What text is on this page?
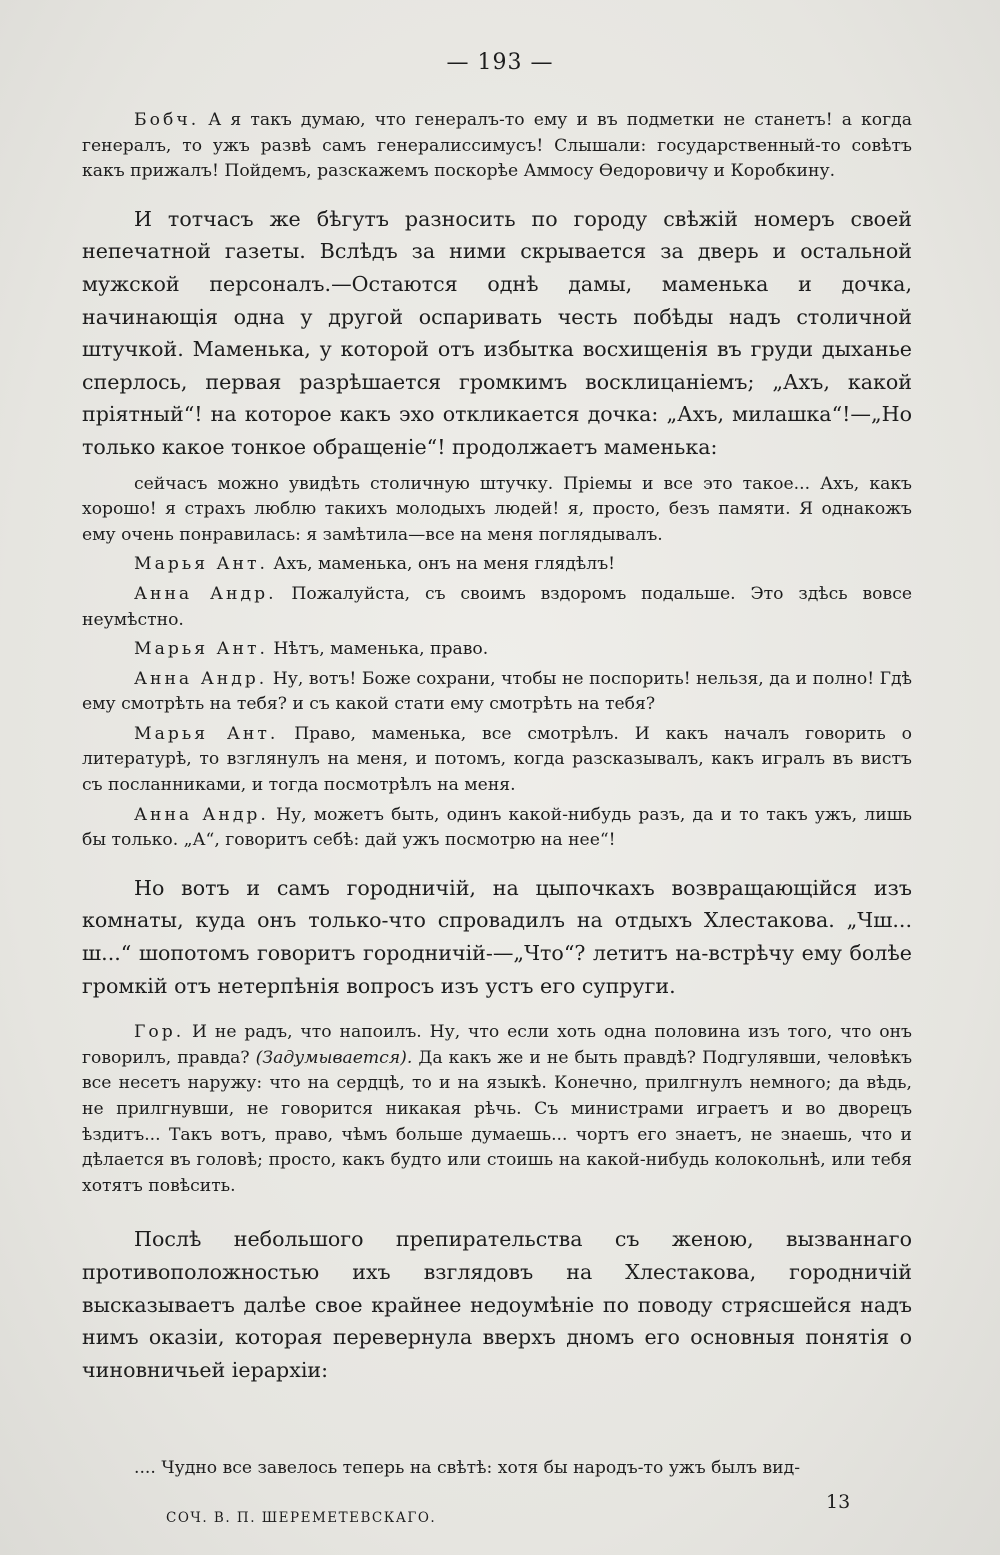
— 193 —

Бобч. А я такъ думаю, что генералъ-то ему и въ подметки не станетъ! а когда генералъ, то ужъ развѣ самъ генералиссимусъ! Слышали: государственный-то совѣтъ какъ прижалъ! Пойдемъ, разскажемъ поскорѣе Аммосу Ѳедоровичу и Коробкину.

И тотчасъ же бѣгутъ разносить по городу свѣжій номеръ своей непечатной газеты. Вслѣдъ за ними скрывается за дверь и остальной мужской персоналъ.—Остаются однѣ дамы, маменька и дочка, начинающія одна у другой оспаривать честь побѣды надъ столичной штучкой. Маменька, у которой отъ избытка восхищенія въ груди дыханье сперлось, первая разрѣшается громкимъ восклицаніемъ; „Ахъ, какой пріятный“! на которое какъ эхо откликается дочка: „Ахъ, милашка“!—„Но только какое тонкое обращеніе“! продолжаетъ маменька:

сейчасъ можно увидѣть столичную штучку. Пріемы и все это такое... Ахъ, какъ хорошо! я страхъ люблю такихъ молодыхъ людей! я, просто, безъ памяти. Я однакожъ ему очень понравилась: я замѣтила—все на меня поглядывалъ.

Марья Ант. Ахъ, маменька, онъ на меня глядѣлъ!

Анна Андр. Пожалуйста, съ своимъ вздоромъ подальше. Это здѣсь вовсе неумѣстно.

Марья Ант. Нѣтъ, маменька, право.

Анна Андр. Ну, вотъ! Боже сохрани, чтобы не поспорить! нельзя, да и полно! Гдѣ ему смотрѣть на тебя? и съ какой стати ему смотрѣть на тебя?

Марья Ант. Право, маменька, все смотрѣлъ. И какъ началъ говорить о литературѣ, то взглянулъ на меня, и потомъ, когда разсказывалъ, какъ игралъ въ вистъ съ посланниками, и тогда посмотрѣлъ на меня.

Анна Андр. Ну, можетъ быть, одинъ какой-нибудь разъ, да и то такъ ужъ, лишь бы только. „А“, говоритъ себѣ: дай ужъ посмотрю на нее“!

Но вотъ и самъ городничій, на цыпочкахъ возвращающійся изъ комнаты, куда онъ только-что спровадилъ на отдыхъ Хлестакова. „Чш... ш...“ шопотомъ говоритъ городничій-—„Что“? летитъ на-встрѣчу ему болѣе громкій отъ нетерпѣнія вопросъ изъ устъ его супруги.

Гор. И не радъ, что напоилъ. Ну, что если хоть одна половина изъ того, что онъ говорилъ, правда? (Задумывается). Да какъ же и не быть правдѣ? Подгулявши, человѣкъ все несетъ наружу: что на сердцѣ, то и на языкѣ. Конечно, прилгнулъ немного; да вѣдь, не прилгнувши, не говорится никакая рѣчь. Съ министрами играетъ и во дворецъ ѣздитъ... Такъ вотъ, право, чѣмъ больше думаешь... чортъ его знаетъ, не знаешь, что и дѣлается въ головѣ; просто, какъ будто или стоишь на какой-нибудь колокольнѣ, или тебя хотятъ повѣсить.

Послѣ небольшого препирательства съ женою, вызваннаго противоположностью ихъ взглядовъ на Хлестакова, городничій высказываетъ далѣе свое крайнее недоумѣніе по поводу стрясшейся надъ нимъ оказіи, которая перевернула вверхъ дномъ его основныя понятія о чиновничьей іерархіи:

.... Чудно все завелось теперь на свѣтѣ: хотя бы народъ-то ужъ былъ вид-
13
СОЧ. В. П. ШЕРЕМЕТЕВСКАГО.
